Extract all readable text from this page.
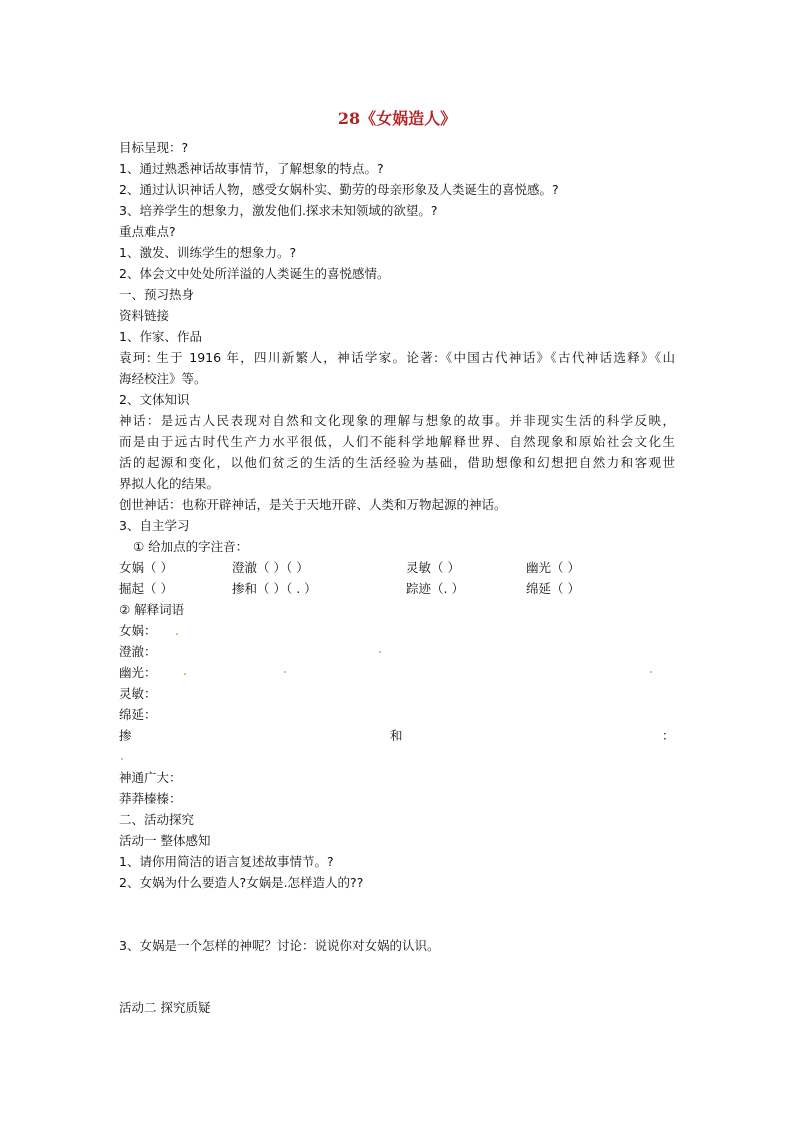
28《女娲造人》
目标呈现：?
1、通过熟悉神话故事情节，了解想象的特点。?
2、通过认识神话人物，感受女娲朴实、勤劳的母亲形象及人类诞生的喜悦感。?
3、培养学生的想象力，激发他们.探求未知领域的欲望。?
重点难点?
1、激发、训练学生的想象力。?
2、体会文中处处所洋溢的人类诞生的喜悦感情。
一、预习热身
资料链接
1、作家、作品
袁珂: 生于 1916 年，四川新繁人，神话学家。论著:《中国古代神话》《古代神话选释》《山
海经校注》等。
2、文体知识
神话：是远古人民表现对自然和文化现象的理解与想象的故事。并非现实生活的科学反映，
而是由于远古时代生产力水平很低，人们不能科学地解释世界、自然现象和原始社会文化生
活的起源和变化，以他们贫乏的生活的生活经验为基础，借助想像和幻想把自然力和客观世
界拟人化的结果。
创世神话：也称开辟神话，是关于天地开辟、人类和万物起源的神话。
3、自主学习
① 给加点的字注音：
女娲（ ）	澄澈（ ）（ ）	灵敏（ ）	幽光（ ）
掘起（ ）	掺和（ ）（ . ）	踪迹（. ）	绵延（ ）
② 解释词语
女娲：
澄澈：
幽光：
灵敏：
绵延：
掺	和	：
神通广大：
莽莽榛榛：
二、活动探究
活动一 整体感知
1、请你用简洁的语言复述故事情节。?
2、女娲为什么要造人?女娲是.怎样造人的??
3、女娲是一个怎样的神呢？讨论：说说你对女娲的认识。
活动二 探究质疑
